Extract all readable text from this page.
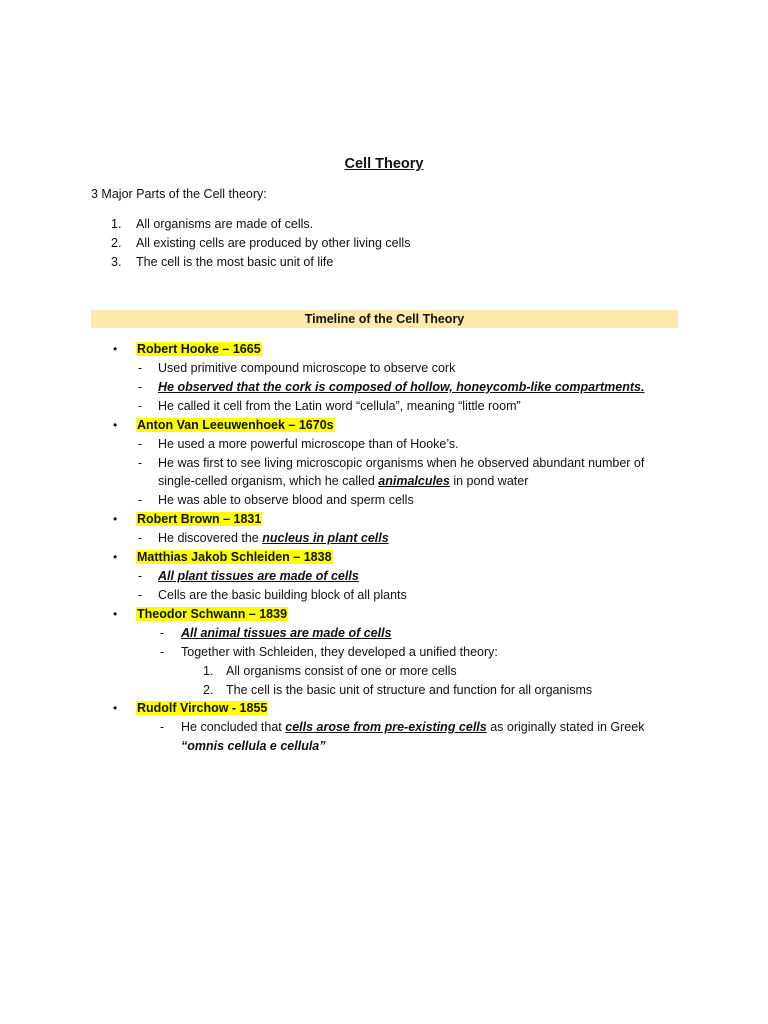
Cell Theory
3 Major Parts of the Cell theory:
1. All organisms are made of cells.
2. All existing cells are produced by other living cells
3. The cell is the most basic unit of life
Timeline of the Cell Theory
• Robert Hooke – 1665
- Used primitive compound microscope to observe cork
- He observed that the cork is composed of hollow, honeycomb-like compartments.
- He called it cell from the Latin word “cellula”, meaning “little room”
• Anton Van Leeuwenhoek – 1670s
- He used a more powerful microscope than of Hooke’s.
- He was first to see living microscopic organisms when he observed abundant number of
single-celled organism, which he called animalcules in pond water
- He was able to observe blood and sperm cells
• Robert Brown – 1831
- He discovered the nucleus in plant cells
• Matthias Jakob Schleiden – 1838
- All plant tissues are made of cells
- Cells are the basic building block of all plants
• Theodor Schwann – 1839
- All animal tissues are made of cells
- Together with Schleiden, they developed a unified theory:
1. All organisms consist of one or more cells
2. The cell is the basic unit of structure and function for all organisms
• Rudolf Virchow - 1855
- He concluded that cells arose from pre-existing cells as originally stated in Greek
“omnis cellula e cellula”
